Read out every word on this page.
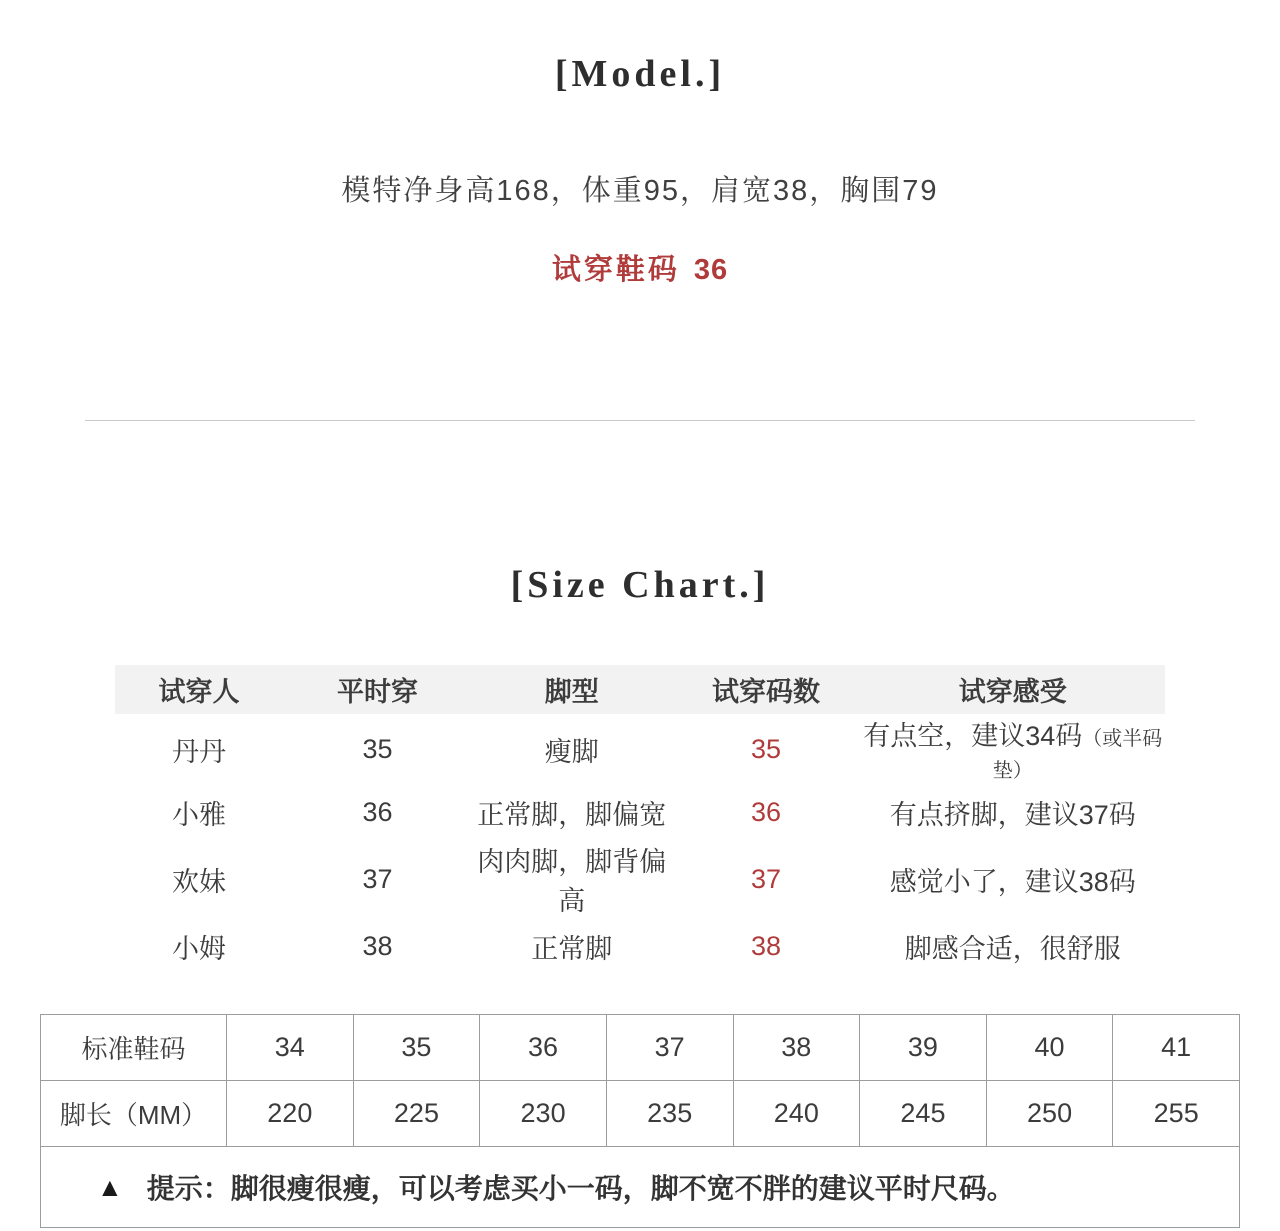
[Model.]

模特净身高168，体重95，肩宽38，胸围79

试穿鞋码 36

[Size Chart.]
试穿人	平时穿	脚型	试穿码数	试穿感受
丹丹	35	瘦脚	35	有点空，建议34码（或半码垫）
小雅	36	正常脚，脚偏宽	36	有点挤脚，建议37码
欢妹	37	肉肉脚，脚背偏高	37	感觉小了，建议38码
小姆	38	正常脚	38	脚感合适，很舒服
标准鞋码	34	35	36	37	38	39	40	41
脚长（MM）	220	225	230	235	240	245	250	255
▲ 提示：脚很瘦很瘦，可以考虑买小一码，脚不宽不胖的建议平时尺码。
